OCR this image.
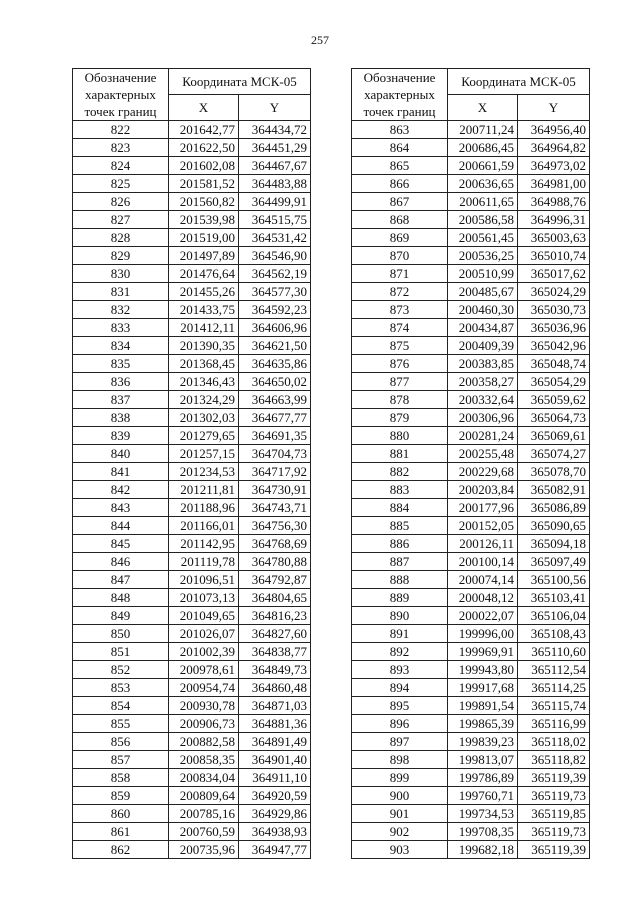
257
Обозначение характерных точек границ	Координата МСК-05	
	X	Y
822	201642,77	364434,72
823	201622,50	364451,29
824	201602,08	364467,67
825	201581,52	364483,88
826	201560,82	364499,91
827	201539,98	364515,75
828	201519,00	364531,42
829	201497,89	364546,90
830	201476,64	364562,19
831	201455,26	364577,30
832	201433,75	364592,23
833	201412,11	364606,96
834	201390,35	364621,50
835	201368,45	364635,86
836	201346,43	364650,02
837	201324,29	364663,99
838	201302,03	364677,77
839	201279,65	364691,35
840	201257,15	364704,73
841	201234,53	364717,92
842	201211,81	364730,91
843	201188,96	364743,71
844	201166,01	364756,30
845	201142,95	364768,69
846	201119,78	364780,88
847	201096,51	364792,87
848	201073,13	364804,65
849	201049,65	364816,23
850	201026,07	364827,60
851	201002,39	364838,77
852	200978,61	364849,73
853	200954,74	364860,48
854	200930,78	364871,03
855	200906,73	364881,36
856	200882,58	364891,49
857	200858,35	364901,40
858	200834,04	364911,10
859	200809,64	364920,59
860	200785,16	364929,86
861	200760,59	364938,93
862	200735,96	364947,77
Обозначение характерных точек границ	Координата МСК-05	
	X	Y
863	200711,24	364956,40
864	200686,45	364964,82
865	200661,59	364973,02
866	200636,65	364981,00
867	200611,65	364988,76
868	200586,58	364996,31
869	200561,45	365003,63
870	200536,25	365010,74
871	200510,99	365017,62
872	200485,67	365024,29
873	200460,30	365030,73
874	200434,87	365036,96
875	200409,39	365042,96
876	200383,85	365048,74
877	200358,27	365054,29
878	200332,64	365059,62
879	200306,96	365064,73
880	200281,24	365069,61
881	200255,48	365074,27
882	200229,68	365078,70
883	200203,84	365082,91
884	200177,96	365086,89
885	200152,05	365090,65
886	200126,11	365094,18
887	200100,14	365097,49
888	200074,14	365100,56
889	200048,12	365103,41
890	200022,07	365106,04
891	199996,00	365108,43
892	199969,91	365110,60
893	199943,80	365112,54
894	199917,68	365114,25
895	199891,54	365115,74
896	199865,39	365116,99
897	199839,23	365118,02
898	199813,07	365118,82
899	199786,89	365119,39
900	199760,71	365119,73
901	199734,53	365119,85
902	199708,35	365119,73
903	199682,18	365119,39
